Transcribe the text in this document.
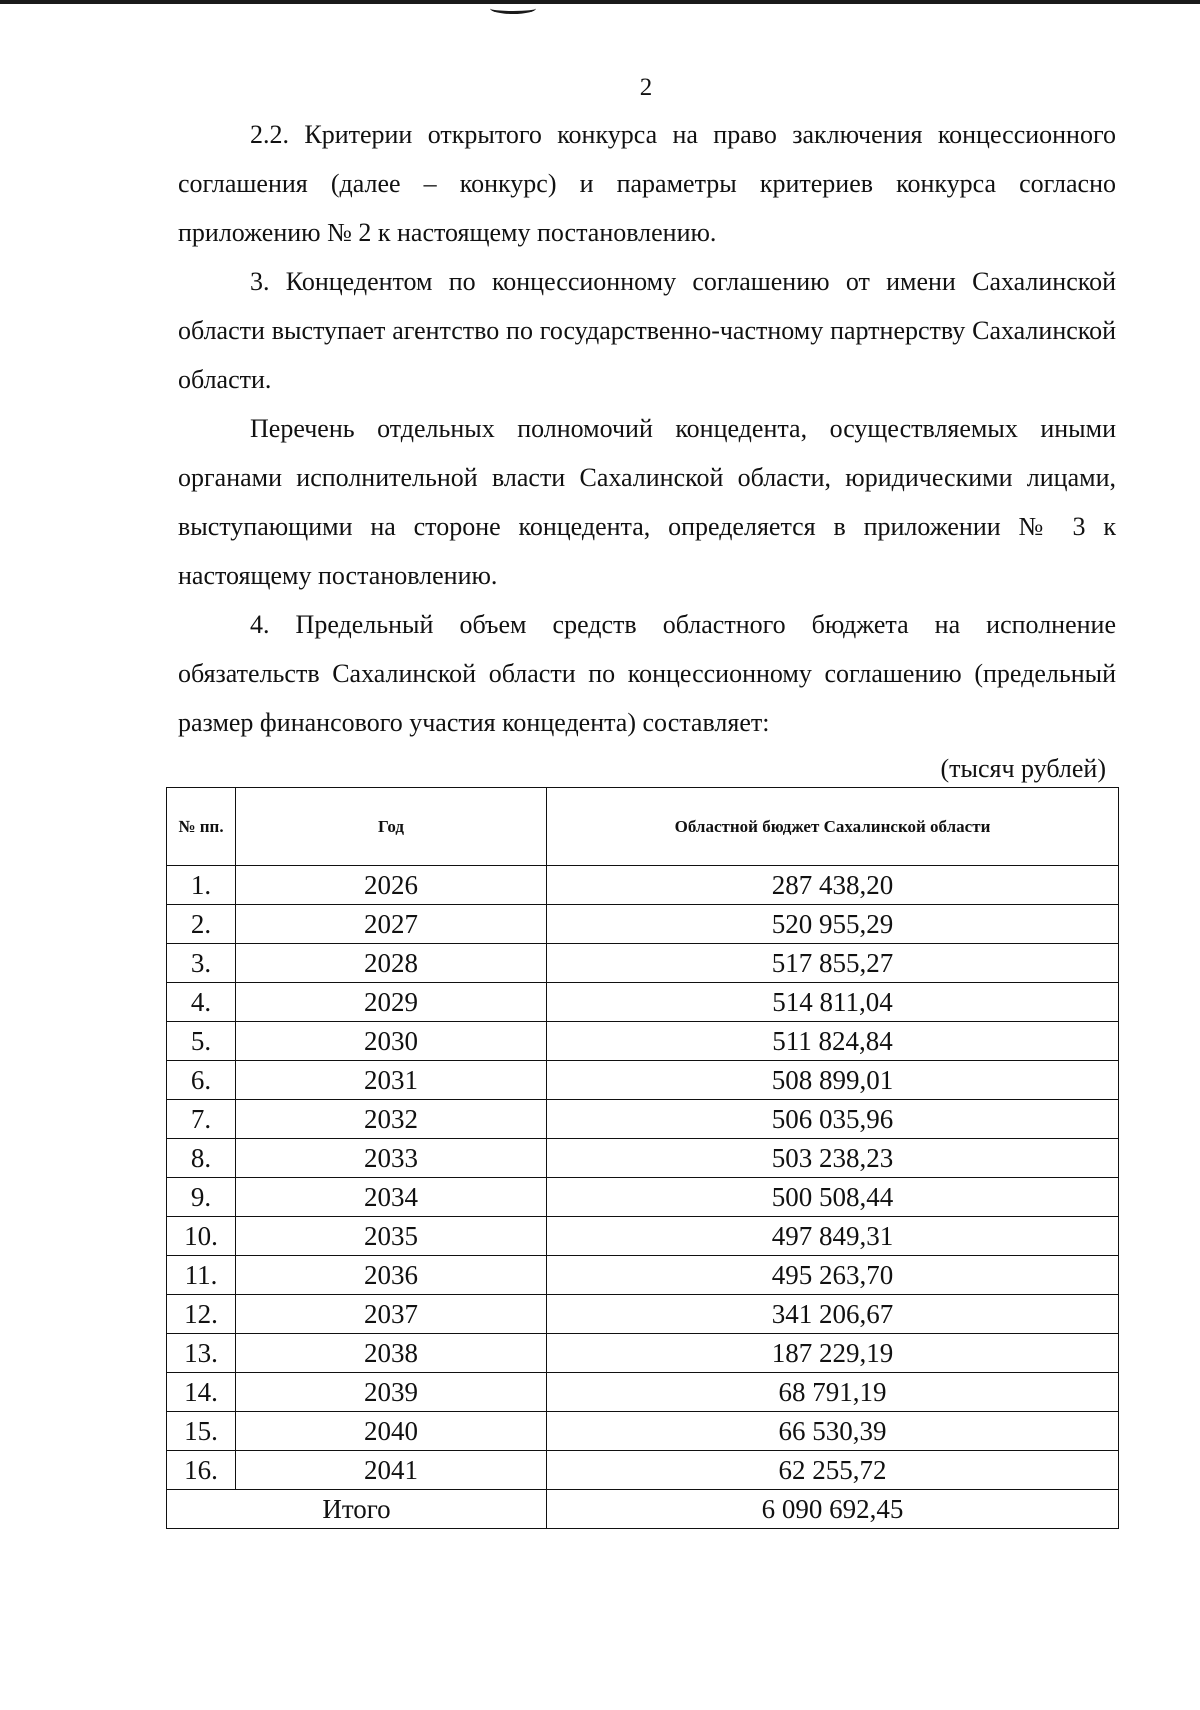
2

2.2. Критерии открытого конкурса на право заключения концессионного соглашения (далее – конкурс) и параметры критериев конкурса согласно приложению № 2 к настоящему постановлению.

3. Концедентом по концессионному соглашению от имени Сахалинской области выступает агентство по государственно-частному партнерству Сахалинской области.

Перечень отдельных полномочий концедента, осуществляемых иными органами исполнительной власти Сахалинской области, юридическими лицами, выступающими на стороне концедента, определяется в приложении № 3 к настоящему постановлению.

4. Предельный объем средств областного бюджета на исполнение обязательств Сахалинской области по концессионному соглашению (предельный размер финансового участия концедента) составляет:

(тысяч рублей)
№ пп.	Год	Областной бюджет Сахалинской области
1.	2026	287 438,20
2.	2027	520 955,29
3.	2028	517 855,27
4.	2029	514 811,04
5.	2030	511 824,84
6.	2031	508 899,01
7.	2032	506 035,96
8.	2033	503 238,23
9.	2034	500 508,44
10.	2035	497 849,31
11.	2036	495 263,70
12.	2037	341 206,67
13.	2038	187 229,19
14.	2039	68 791,19
15.	2040	66 530,39
16.	2041	62 255,72
Итого		6 090 692,45
